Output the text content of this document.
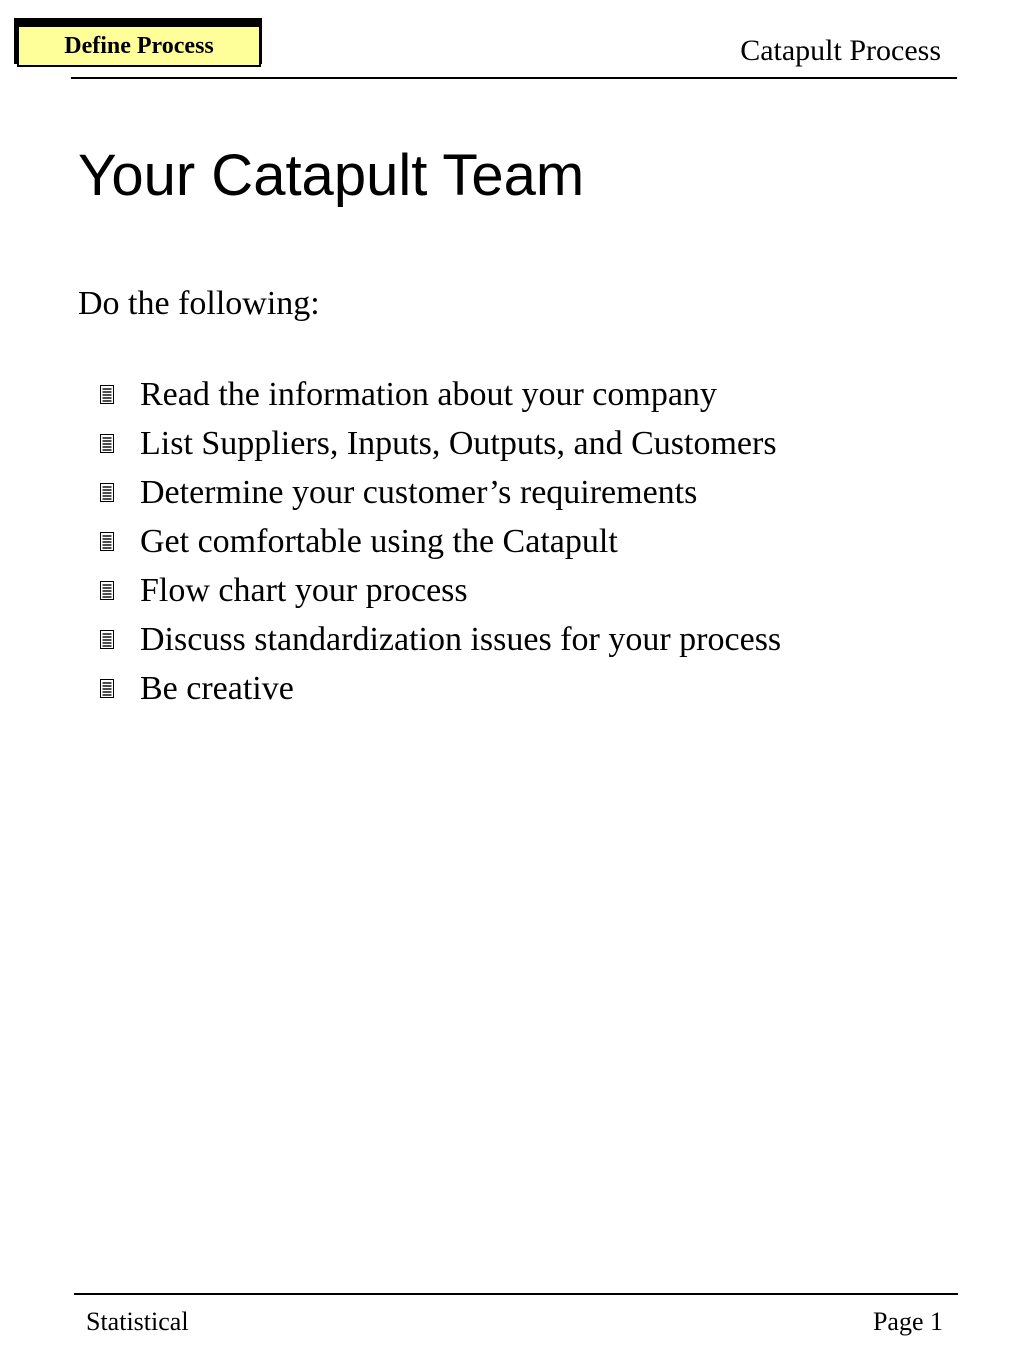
Define Process	Catapult Process
Your Catapult Team
Do the following:
Read the information about your company
List Suppliers, Inputs, Outputs, and Customers
Determine your customer’s requirements
Get comfortable using the Catapult
Flow chart your process
Discuss standardization issues for your process
Be creative
Statistical	Page 1
